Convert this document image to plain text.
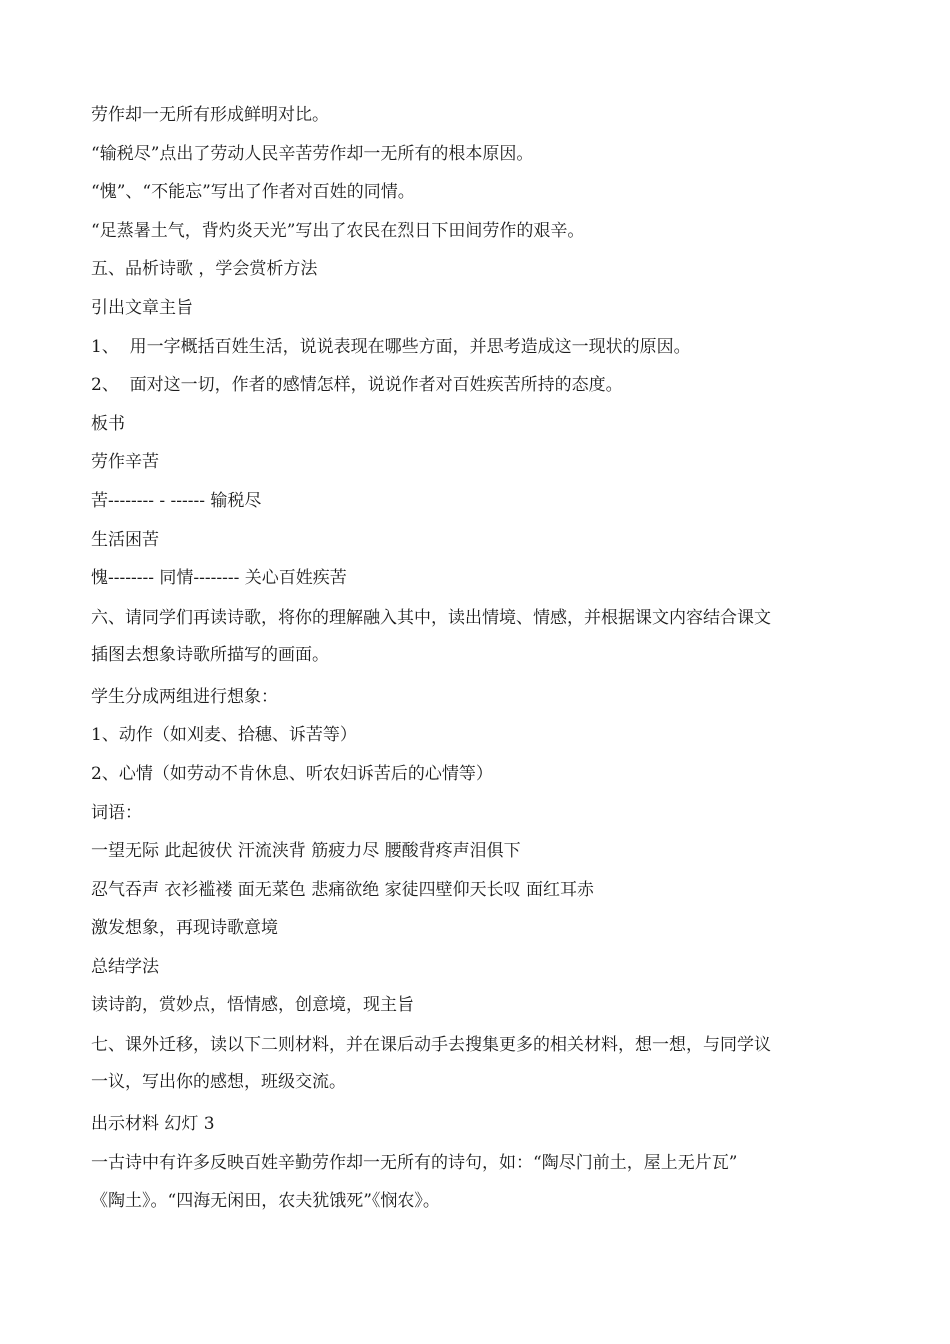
劳作却一无所有形成鲜明对比。

“输税尽”点出了劳动人民辛苦劳作却一无所有的根本原因。

“愧”、“不能忘”写出了作者对百姓的同情。

“足蒸暑土气，背灼炎天光”写出了农民在烈日下田间劳作的艰辛。

五、品析诗歌 ，学会赏析方法

引出文章主旨

1、  用一字概括百姓生活，说说表现在哪些方面，并思考造成这一现状的原因。

2、  面对这一切，作者的感情怎样，说说作者对百姓疾苦所持的态度。

板书

劳作辛苦

苦-------- - ------ 输税尽

生活困苦

愧-------- 同情-------- 关心百姓疾苦

六、请同学们再读诗歌，将你的理解融入其中，读出情境、情感，并根据课文内容结合课文

插图去想象诗歌所描写的画面。

学生分成两组进行想象：

1、动作（如刈麦、拾穗、诉苦等）

2、心情（如劳动不肯休息、听农妇诉苦后的心情等）

词语：

一望无际 此起彼伏 汗流浃背 筋疲力尽 腰酸背疼声泪俱下

忍气吞声 衣衫褴褛 面无菜色 悲痛欲绝 家徒四壁仰天长叹 面红耳赤

激发想象，再现诗歌意境

总结学法

读诗韵，赏妙点，悟情感，创意境，现主旨

七、课外迁移，读以下二则材料，并在课后动手去搜集更多的相关材料，想一想，与同学议

一议，写出你的感想，班级交流。

出示材料 幻灯 3

一古诗中有许多反映百姓辛勤劳作却一无所有的诗句，如：“陶尽门前土，屋上无片瓦”

《陶土》。“四海无闲田，农夫犹饿死”《悯农》。
